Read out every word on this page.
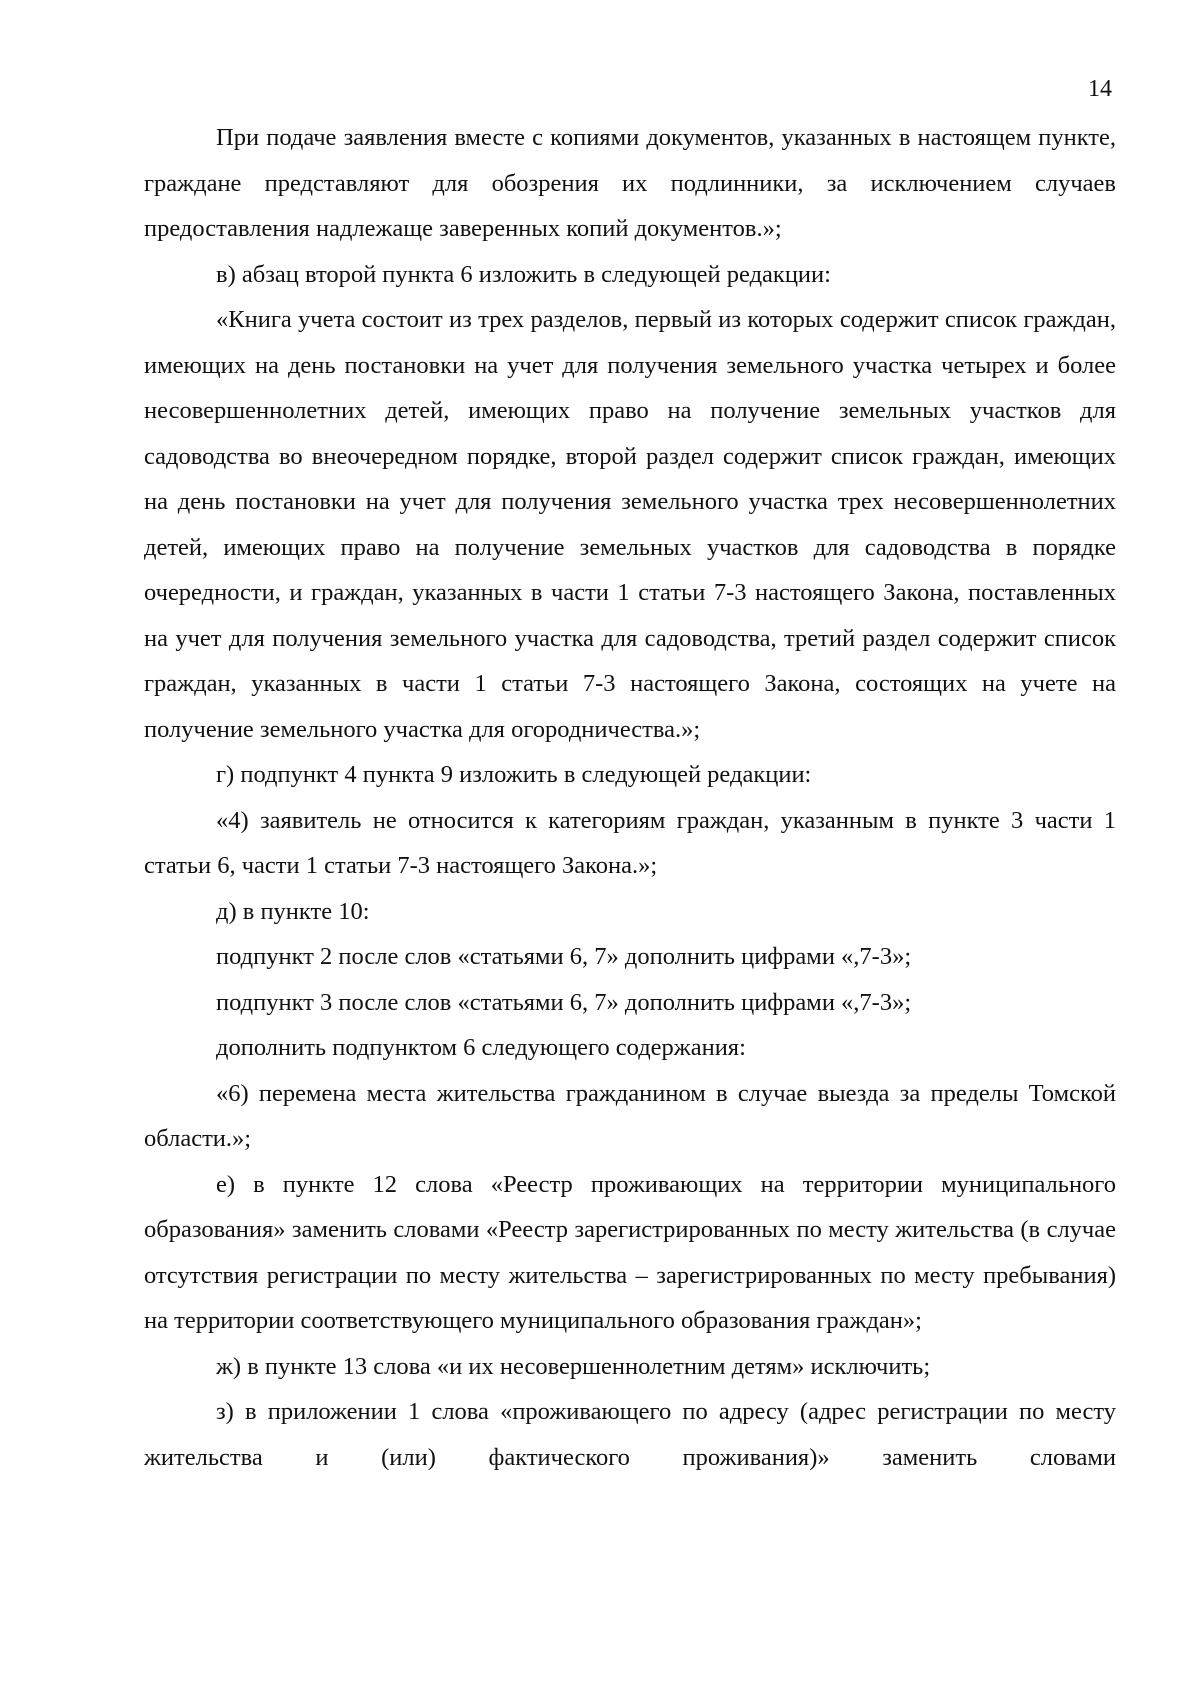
14

При подаче заявления вместе с копиями документов, указанных в настоящем пункте, граждане представляют для обозрения их подлинники, за исключением случаев предоставления надлежаще заверенных копий документов.»;

в) абзац второй пункта 6 изложить в следующей редакции:

«Книга учета состоит из трех разделов, первый из которых содержит список граждан, имеющих на день постановки на учет для получения земельного участка четырех и более несовершеннолетних детей, имеющих право на получение земельных участков для садоводства во внеочередном порядке, второй раздел содержит список граждан, имеющих на день постановки на учет для получения земельного участка трех несовершеннолетних детей, имеющих право на получение земельных участков для садоводства в порядке очередности, и граждан, указанных в части 1 статьи 7-3 настоящего Закона, поставленных на учет для получения земельного участка для садоводства, третий раздел содержит список граждан, указанных в части 1 статьи 7-3 настоящего Закона, состоящих на учете на получение земельного участка для огородничества.»;

г) подпункт 4 пункта 9 изложить в следующей редакции:

«4) заявитель не относится к категориям граждан, указанным в пункте 3 части 1 статьи 6, части 1 статьи 7-3 настоящего Закона.»;

д) в пункте 10:

подпункт 2 после слов «статьями 6, 7» дополнить цифрами «,7-3»;

подпункт 3 после слов «статьями 6, 7» дополнить цифрами «,7-3»;

дополнить подпунктом 6 следующего содержания:

«6) перемена места жительства гражданином в случае выезда за пределы Томской области.»;

е) в пункте 12 слова «Реестр проживающих на территории муниципального образования» заменить словами «Реестр зарегистрированных по месту жительства (в случае отсутствия регистрации по месту жительства – зарегистрированных по месту пребывания) на территории соответствующего муниципального образования граждан»;

ж) в пункте 13 слова «и их несовершеннолетним детям» исключить;

з) в приложении 1 слова «проживающего по адресу (адрес регистрации по месту жительства и (или) фактического проживания)» заменить словами
